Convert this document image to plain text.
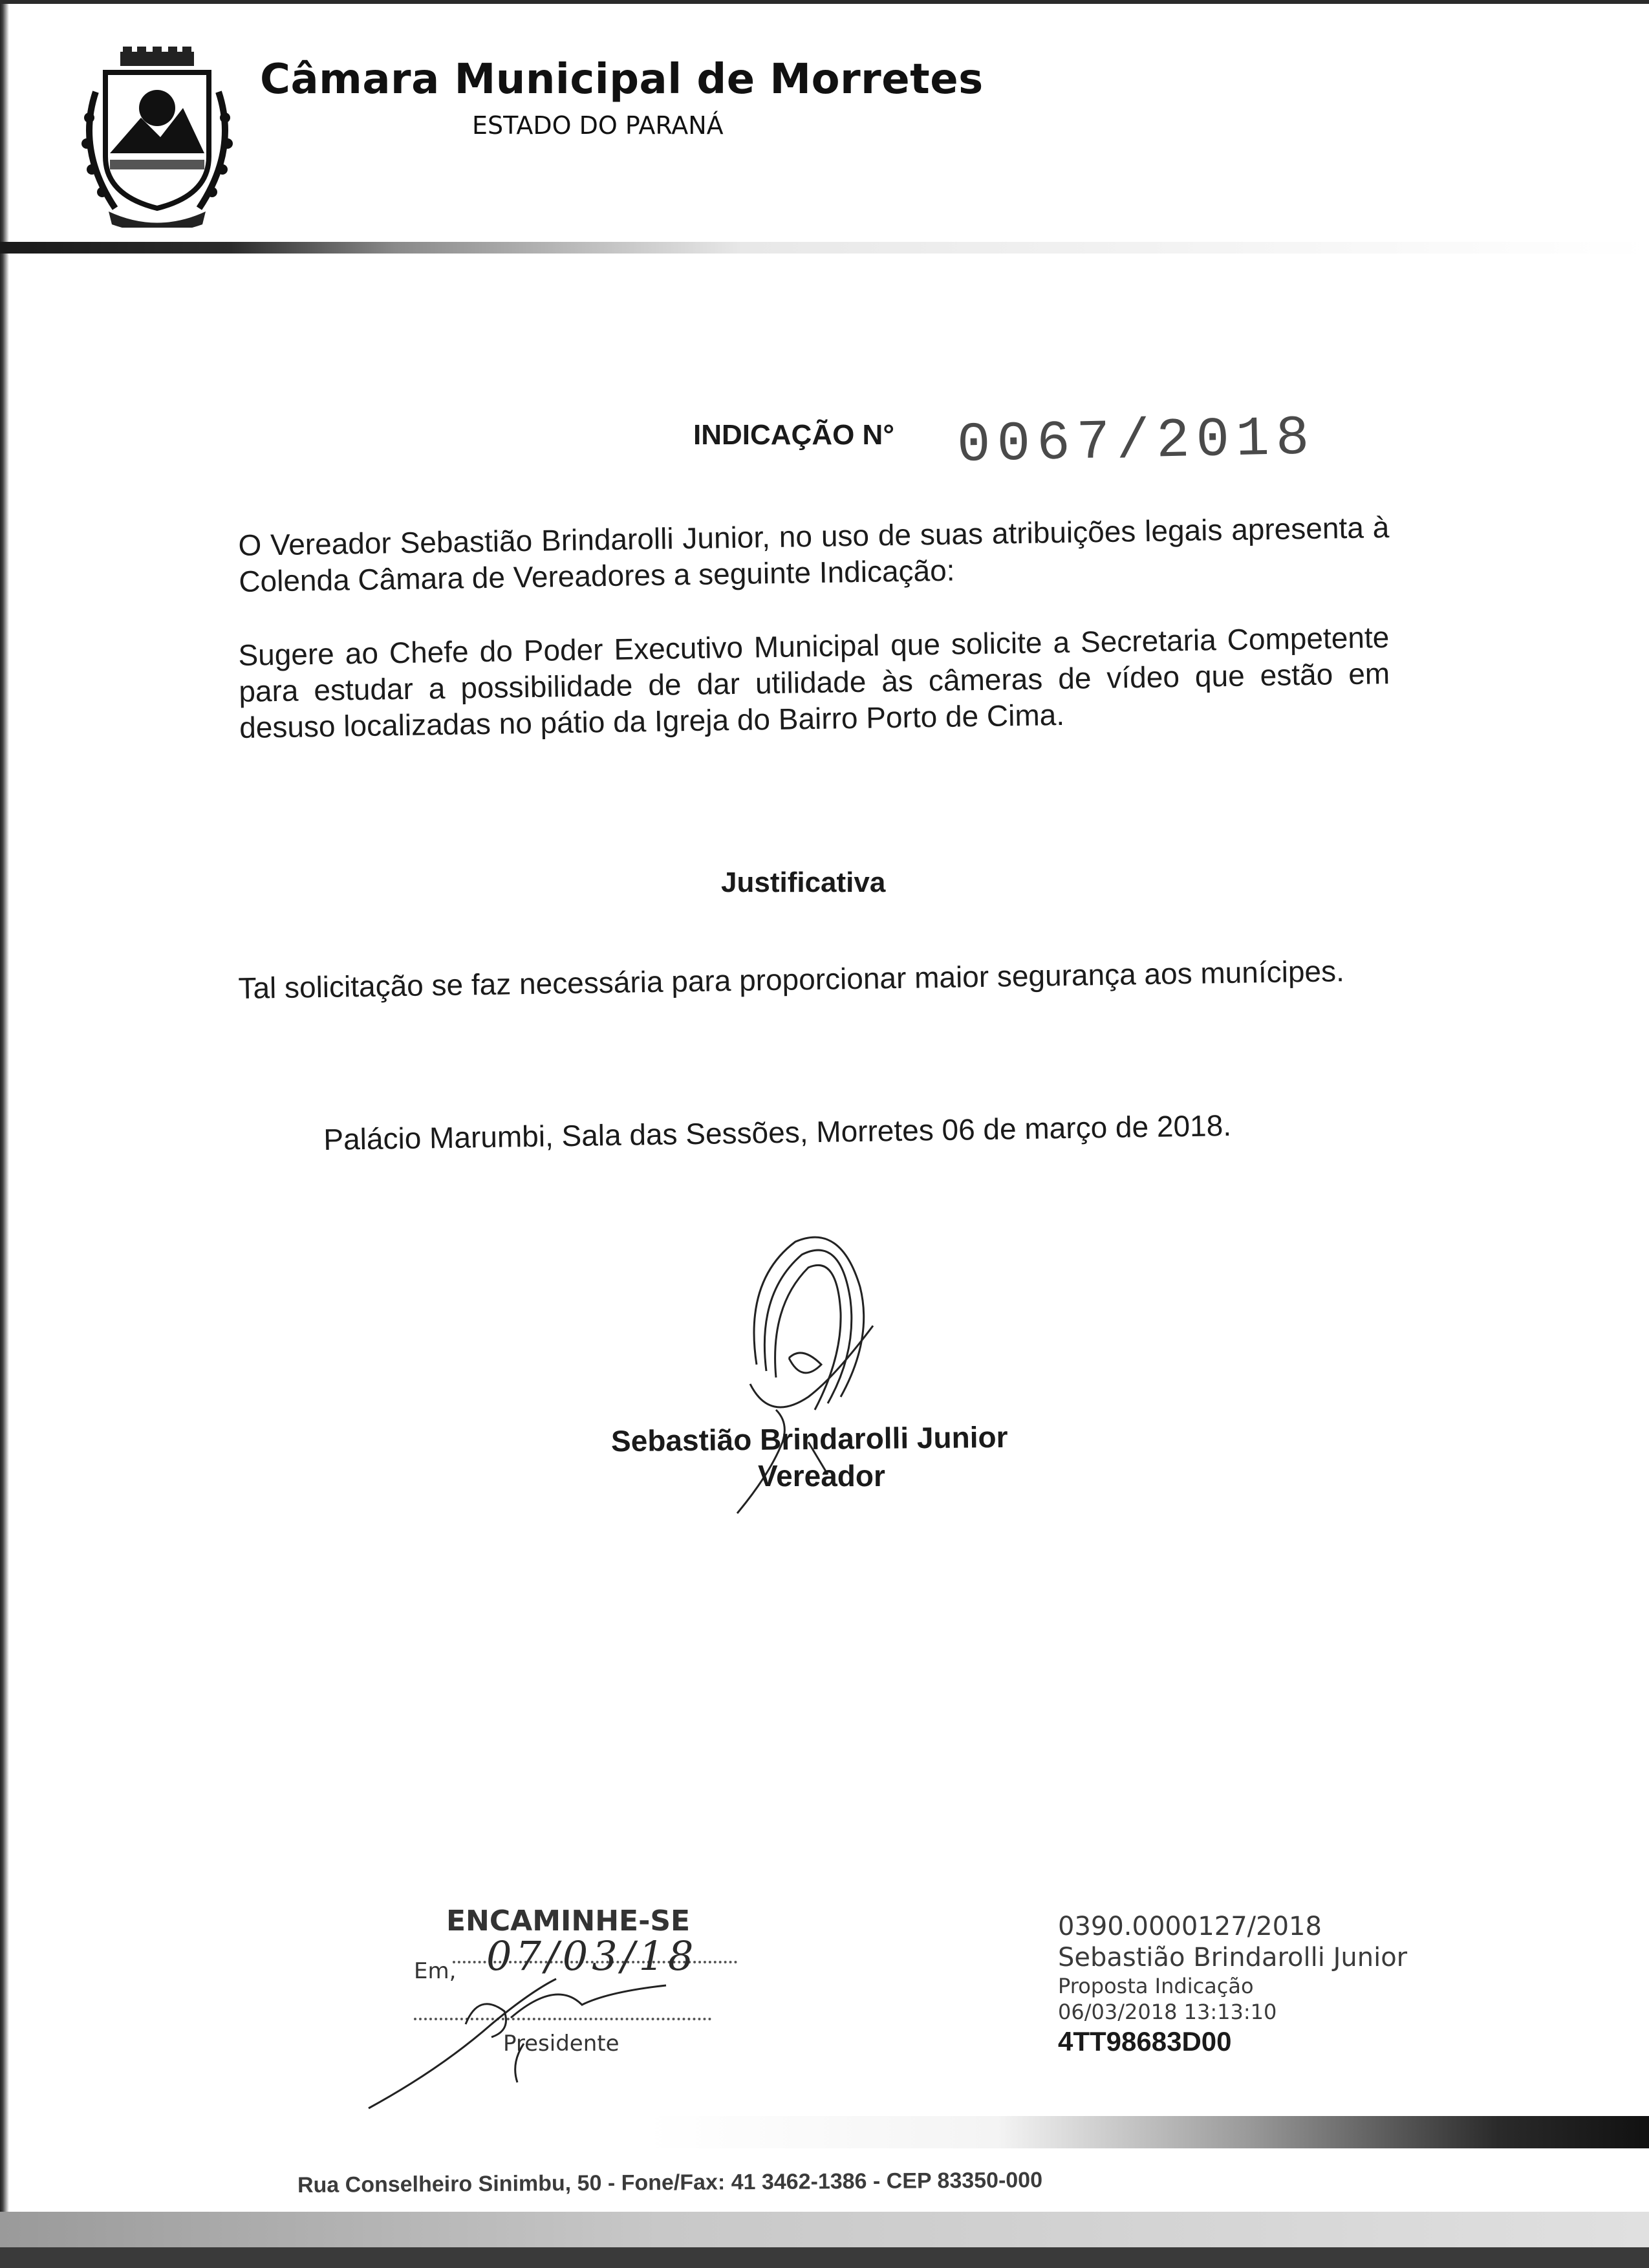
Câmara Municipal de Morretes
ESTADO DO PARANÁ
INDICAÇÃO N° 0067/2018
O Vereador Sebastião Brindarolli Junior, no uso de suas atribuições legais apresenta à Colenda Câmara de Vereadores a seguinte Indicação:
Sugere ao Chefe do Poder Executivo Municipal que solicite a Secretaria Competente para estudar a possibilidade de dar utilidade às câmeras de vídeo que estão em desuso localizadas no pátio da Igreja do Bairro Porto de Cima.
Justificativa
Tal solicitação se faz necessária para proporcionar maior segurança aos munícipes.
Palácio Marumbi, Sala das Sessões, Morretes 06 de março de 2018.
Sebastião Brindarolli Junior
Vereador
ENCAMINHE-SE
Em, 07/03/18
Presidente
0390.0000127/2018
Sebastião Brindarolli Junior
Proposta Indicação
06/03/2018 13:13:10
4TT98683D00
Rua Conselheiro Sinimbu, 50 - Fone/Fax: 41 3462-1386 - CEP 83350-000
